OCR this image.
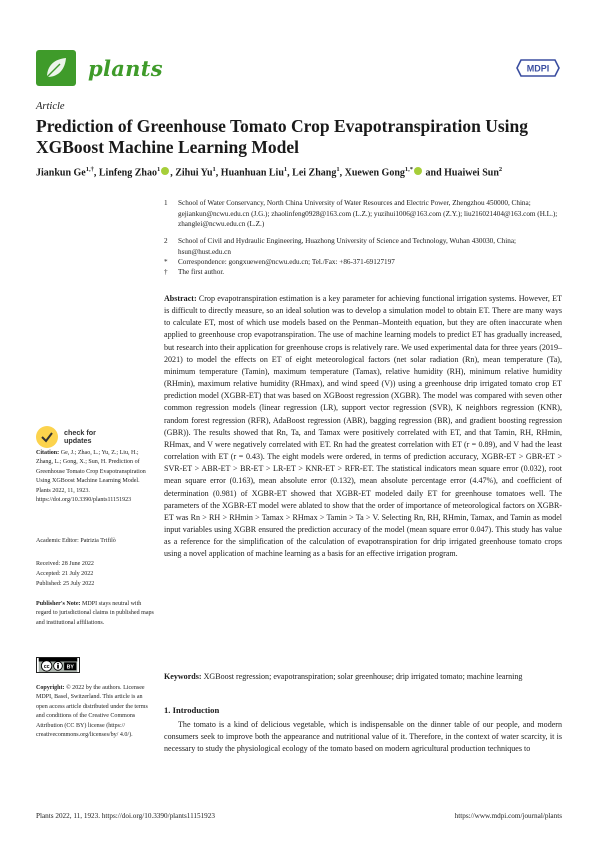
plants	MDPI
Article
Prediction of Greenhouse Tomato Crop Evapotranspiration Using XGBoost Machine Learning Model
Jiankun $Ge^{1,\dagger}$, Linfeng Zhao$^1$ , Zihui Yu$^1$, Huanhuan Liu$^1$, Lei Zhang$^1$, Xuewen Gong$^{1,*}$ and Huaiwei Sun$^2$
1 School of Water Conservancy, North China University of Water Resources and Electric Power, Zhengzhou 450000, China; gejiankun@ncwu.edu.cn (J.G.); zhaolinfeng0928@163.com (L.Z.); yuzihui1006@163.com (Z.Y.); liu216021404@163.com (H.L.); zhanglei@ncwu.edu.cn (L.Z.)
2 School of Civil and Hydraulic Engineering, Huazhong University of Science and Technology, Wuhan 430030, China; hsun@hust.edu.cn
* Correspondence: gongxuewen@ncwu.edu.cn; Tel./Fax: +86-371-69127197
† The first author.
Abstract: Crop evapotranspiration estimation is a key parameter for achieving functional irrigation systems. However, ET is difficult to directly measure, so an ideal solution was to develop a simulation model to obtain ET. There are many ways to calculate ET, most of which use models based on the Penman–Monteith equation, but they are often inaccurate when applied to greenhouse crop evapotranspiration. The use of machine learning models to predict ET has gradually increased, but research into their application for greenhouse crops is relatively rare. We used experimental data for three years (2019–2021) to model the effects on ET of eight meteorological factors (net solar radiation (Rn), mean temperature (Ta), minimum temperature (Tamin), maximum temperature (Tamax), relative humidity (RH), minimum relative humidity (RHmin), maximum relative humidity (RHmax), and wind speed (V)) using a greenhouse drip irrigated tomato crop ET prediction model (XGBR-ET) that was based on XGBoost regression (XGBR). The model was compared with seven other common regression models (linear regression (LR), support vector regression (SVR), K neighbors regression (KNR), random forest regression (RFR), AdaBoost regression (ABR), bagging regression (BR), and gradient boosting regression (GBR)). The results showed that Rn, Ta, and Tamax were positively correlated with ET, and that Tamin, RH, RHmin, RHmax, and V were negatively correlated with ET. Rn had the greatest correlation with ET (r = 0.89), and V had the least correlation with ET (r = 0.43). The eight models were ordered, in terms of prediction accuracy, XGBR-ET > GBR-ET > SVR-ET > ABR-ET > BR-ET > LR-ET > KNR-ET > RFR-ET. The statistical indicators mean square error (0.032), root mean square error (0.163), mean absolute error (0.132), mean absolute percentage error (4.47%), and coefficient of determination (0.981) of XGBR-ET showed that XGBR-ET modeled daily ET for greenhouse tomatoes well. The parameters of the XGBR-ET model were ablated to show that the order of importance of meteorological factors on XGBR-ET was Rn > RH > RHmin > Tamax > RHmax > Tamin > Ta > V. Selecting Rn, RH, RHmin, Tamax, and Tamin as model input variables using XGBR ensured the prediction accuracy of the model (mean square error 0.047). This study has value as a reference for the simplification of the calculation of evapotranspiration for drip irrigated greenhouse tomato crops using a novel application of machine learning as a basis for an effective irrigation program.
Keywords: XGBoost regression; evapotranspiration; solar greenhouse; drip irrigated tomato; machine learning
1. Introduction
The tomato is a kind of delicious vegetable, which is indispensable on the dinner table of our people, and modern consumers seek to improve both the appearance and nutritional value of it. Therefore, in the context of water scarcity, it is necessary to study the physiological ecology of the tomato based on modern agricultural production techniques to
check for
updates
Citation: Ge, J.; Zhao, L.; Yu, Z.; Liu, H.; Zhang, L.; Gong, X.; Sun, H. Prediction of Greenhouse Tomato Crop Evapotranspiration Using XGBoost Machine Learning Model. Plants 2022, 11, 1923. https://doi.org/10.3390/plants11151923
Academic Editor: Patrizia Trifilò
Received: 28 June 2022
Accepted: 21 July 2022
Published: 25 July 2022
Publisher's Note: MDPI stays neutral with regard to jurisdictional claims in published maps and institutional affiliations.
cc	BY
Copyright: © 2022 by the authors. Licensee MDPI, Basel, Switzerland. This article is an open access article distributed under the terms and conditions of the Creative Commons Attribution (CC BY) license (https:// creativecommons.org/licenses/by/ 4.0/).
Plants 2022, 11, 1923. https://doi.org/10.3390/plants11151923	https://www.mdpi.com/journal/plants
